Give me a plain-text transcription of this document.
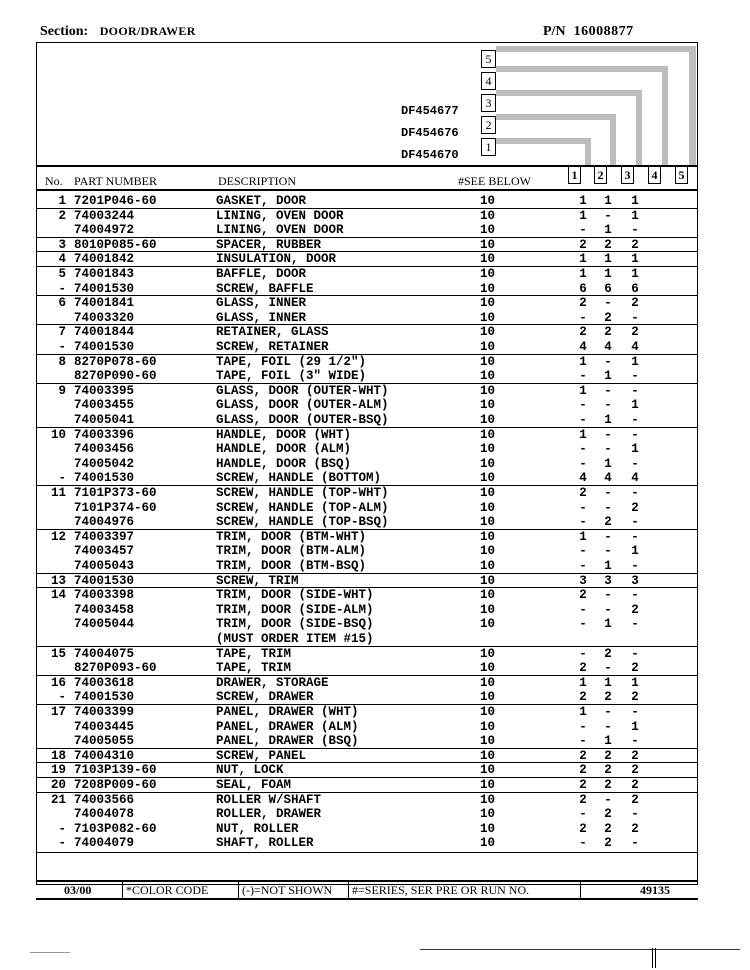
Section: DOOR/DRAWER	P/N 16008877
5
4
3
2
1
DF454677
DF454676
DF454670
No. PART NUMBER	DESCRIPTION	#SEE BELOW	1 2 3 4 5
1 7201P046-60	GASKET, DOOR	10	1 1 1
2 74003244	LINING, OVEN DOOR	10	1 - 1
74004972	LINING, OVEN DOOR	10	- 1 -
3 8010P085-60	SPACER, RUBBER	10	2 2 2
4 74001842	INSULATION, DOOR	10	1 1 1
5 74001843	BAFFLE, DOOR	10	1 1 1
- 74001530	SCREW, BAFFLE	10	6 6 6
6 74001841	GLASS, INNER	10	2 - 2
74003320	GLASS, INNER	10	- 2 -
7 74001844	RETAINER, GLASS	10	2 2 2
- 74001530	SCREW, RETAINER	10	4 4 4
8 8270P078-60	TAPE, FOIL (29 1/2")	10	1 - 1
8270P090-60	TAPE, FOIL (3" WIDE)	10	- 1 -
9 74003395	GLASS, DOOR (OUTER-WHT)	10	1 - -
74003455	GLASS, DOOR (OUTER-ALM)	10	- - 1
74005041	GLASS, DOOR (OUTER-BSQ)	10	- 1 -
10 74003396	HANDLE, DOOR (WHT)	10	1 - -
74003456	HANDLE, DOOR (ALM)	10	- - 1
74005042	HANDLE, DOOR (BSQ)	10	- 1 -
- 74001530	SCREW, HANDLE (BOTTOM)	10	4 4 4
11 7101P373-60	SCREW, HANDLE (TOP-WHT)	10	2 - -
7101P374-60	SCREW, HANDLE (TOP-ALM)	10	- - 2
74004976	SCREW, HANDLE (TOP-BSQ)	10	- 2 -
12 74003397	TRIM, DOOR (BTM-WHT)	10	1 - -
74003457	TRIM, DOOR (BTM-ALM)	10	- - 1
74005043	TRIM, DOOR (BTM-BSQ)	10	- 1 -
13 74001530	SCREW, TRIM	10	3 3 3
14 74003398	TRIM, DOOR (SIDE-WHT)	10	2 - -
74003458	TRIM, DOOR (SIDE-ALM)	10	- - 2
74005044	TRIM, DOOR (SIDE-BSQ)	10	- 1 -
(MUST ORDER ITEM #15)
15 74004075	TAPE, TRIM	10	- 2 -
8270P093-60	TAPE, TRIM	10	2 - 2
16 74003618	DRAWER, STORAGE	10	1 1 1
- 74001530	SCREW, DRAWER	10	2 2 2
17 74003399	PANEL, DRAWER (WHT)	10	1 - -
74003445	PANEL, DRAWER (ALM)	10	- - 1
74005055	PANEL, DRAWER (BSQ)	10	- 1 -
18 74004310	SCREW, PANEL	10	2 2 2
19 7103P139-60	NUT, LOCK	10	2 2 2
20 7208P009-60	SEAL, FOAM	10	2 2 2
21 74003566	ROLLER W/SHAFT	10	2 - 2
74004078	ROLLER, DRAWER	10	- 2 -
- 7103P082-60	NUT, ROLLER	10	2 2 2
- 74004079	SHAFT, ROLLER	10	- 2 -
03/00	*COLOR CODE	(-)=NOT SHOWN #=SERIES, SER PRE OR RUN NO.	49135
